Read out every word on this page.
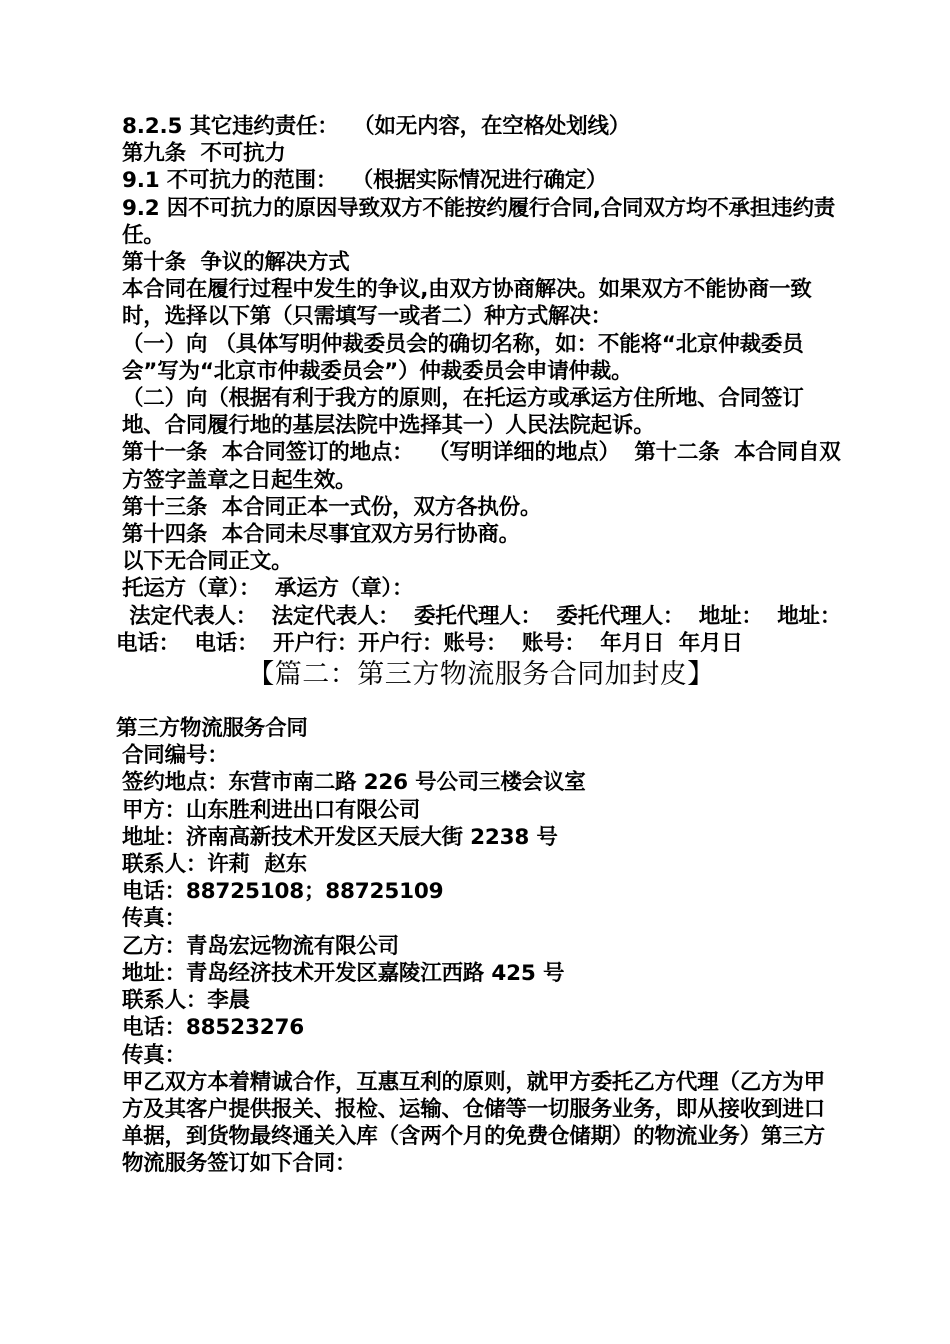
8.2.5 其它违约责任：  （如无内容，在空格处划线）
第九条  不可抗力
9.1 不可抗力的范围：  （根据实际情况进行确定）
9.2 因不可抗力的原因导致双方不能按约履行合同,合同双方均不承担违约责任。
第十条  争议的解决方式
本合同在履行过程中发生的争议,由双方协商解决。如果双方不能协商一致时，选择以下第（只需填写一或者二）种方式解决：
（一）向 （具体写明仲裁委员会的确切名称，如：不能将“北京仲裁委员会”写为“北京市仲裁委员会”）仲裁委员会申请仲裁。
（二）向（根据有利于我方的原则，在托运方或承运方住所地、合同签订地、合同履行地的基层法院中选择其一）人民法院起诉。
第十一条  本合同签订的地点：  （写明详细的地点）  第十二条  本合同自双方签字盖章之日起生效。
第十三条  本合同正本一式份，双方各执份。
第十四条  本合同未尽事宜双方另行协商。
以下无合同正文。
托运方（章）：  承运方（章）：
法定代表人：  法定代表人：  委托代理人：  委托代理人：  地址：  地址：
电话：  电话：  开户行：开户行：账号：  账号：  年月日  年月日
【篇二：第三方物流服务合同加封皮】
第三方物流服务合同
合同编号：
签约地点：东营市南二路 226 号公司三楼会议室
甲方：山东胜利进出口有限公司
地址：济南高新技术开发区天辰大街 2238 号
联系人：许莉  赵东
电话：88725108；88725109
传真：
乙方：青岛宏远物流有限公司
地址：青岛经济技术开发区嘉陵江西路 425 号
联系人：李晨
电话：88523276
传真：
甲乙双方本着精诚合作，互惠互利的原则，就甲方委托乙方代理（乙方为甲方及其客户提供报关、报检、运输、仓储等一切服务业务，即从接收到进口单据，到货物最终通关入库（含两个月的免费仓储期）的物流业务）第三方物流服务签订如下合同：
